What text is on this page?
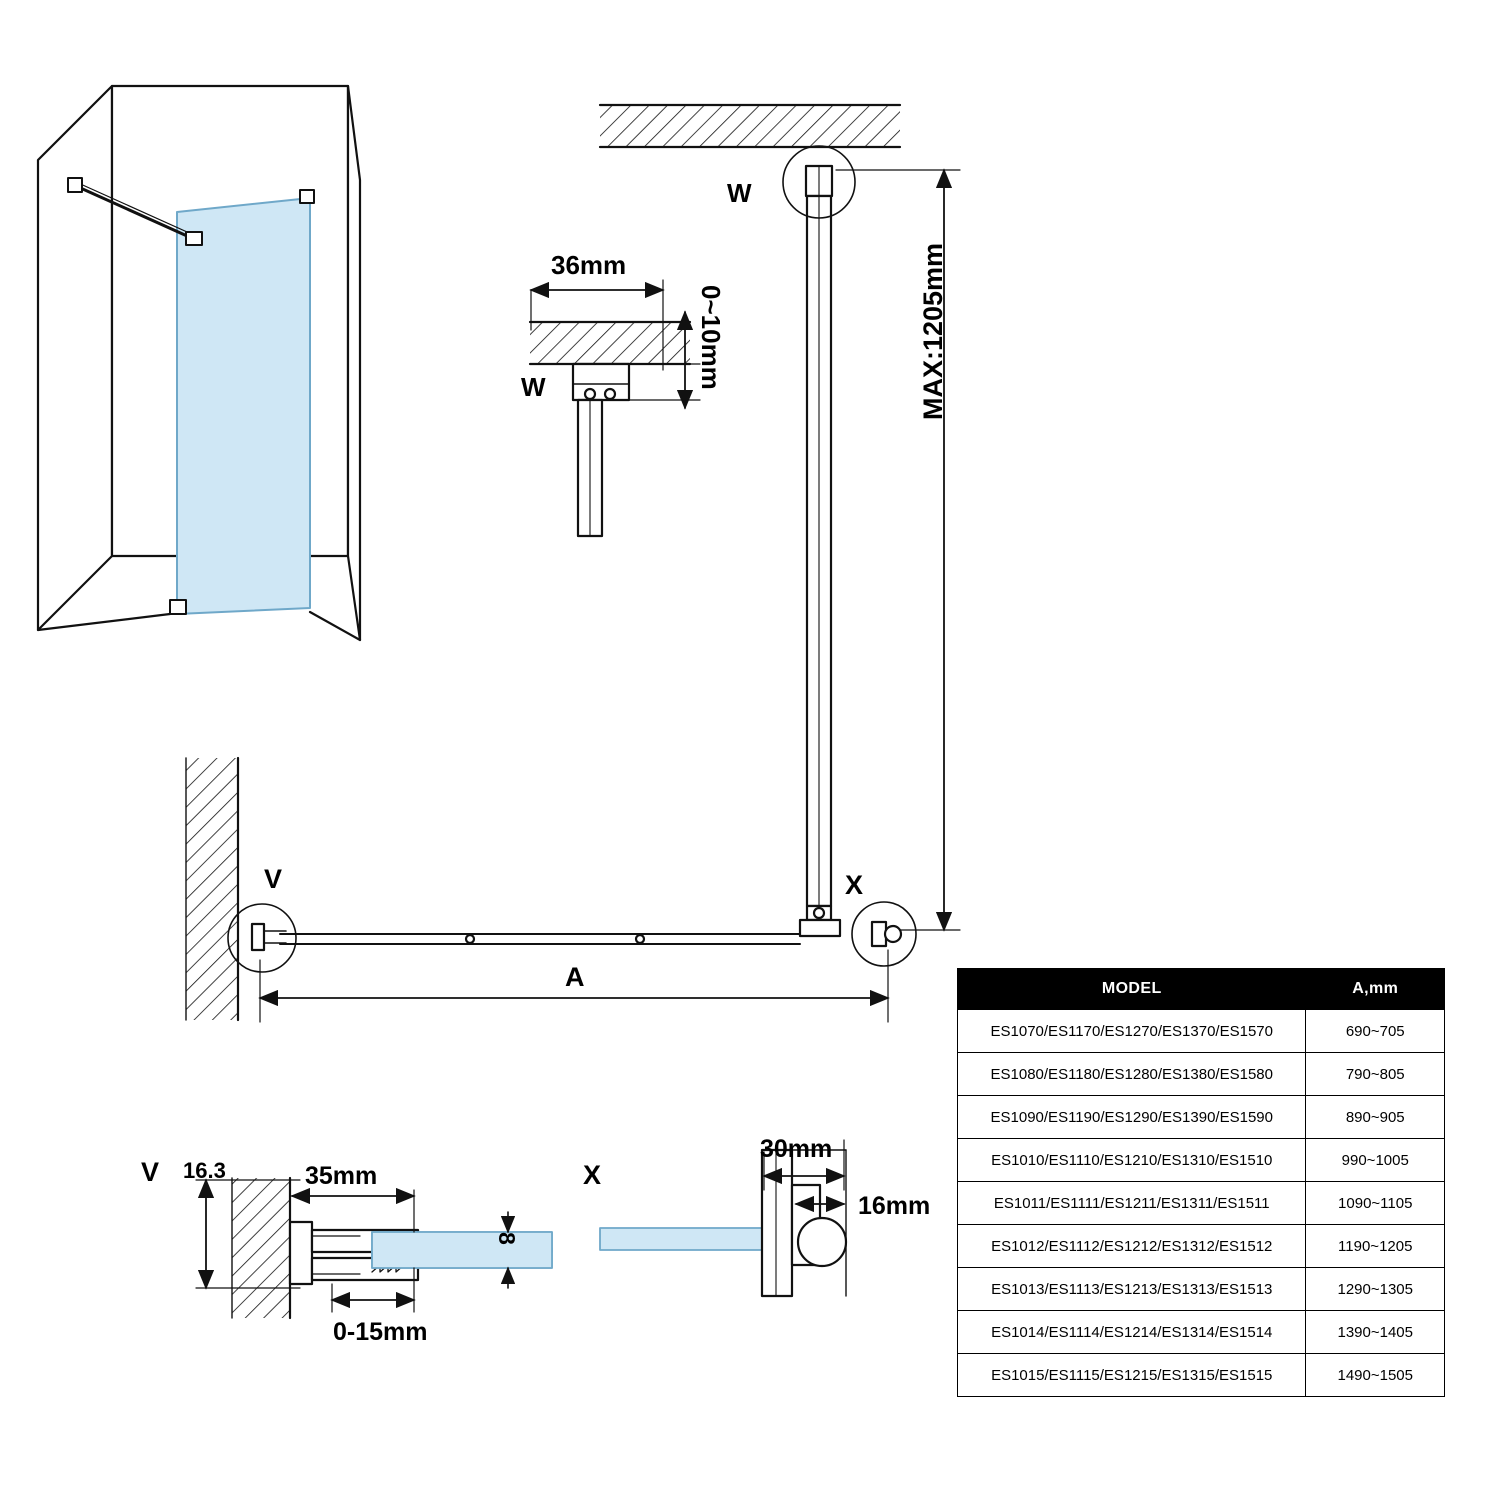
W
W
36mm
0~10mm	MAX:1205mm
V	X
A
V 16.3	35mm
0-15mm
8
X
30mm
16mm
MODEL	A,mm
ES1070/ES1170/ES1270/ES1370/ES1570	690~705
ES1080/ES1180/ES1280/ES1380/ES1580	790~805
ES1090/ES1190/ES1290/ES1390/ES1590	890~905
ES1010/ES1110/ES1210/ES1310/ES1510	990~1005
ES1011/ES1111/ES1211/ES1311/ES1511	1090~1105
ES1012/ES1112/ES1212/ES1312/ES1512	1190~1205
ES1013/ES1113/ES1213/ES1313/ES1513	1290~1305
ES1014/ES1114/ES1214/ES1314/ES1514	1390~1405
ES1015/ES1115/ES1215/ES1315/ES1515	1490~1505
